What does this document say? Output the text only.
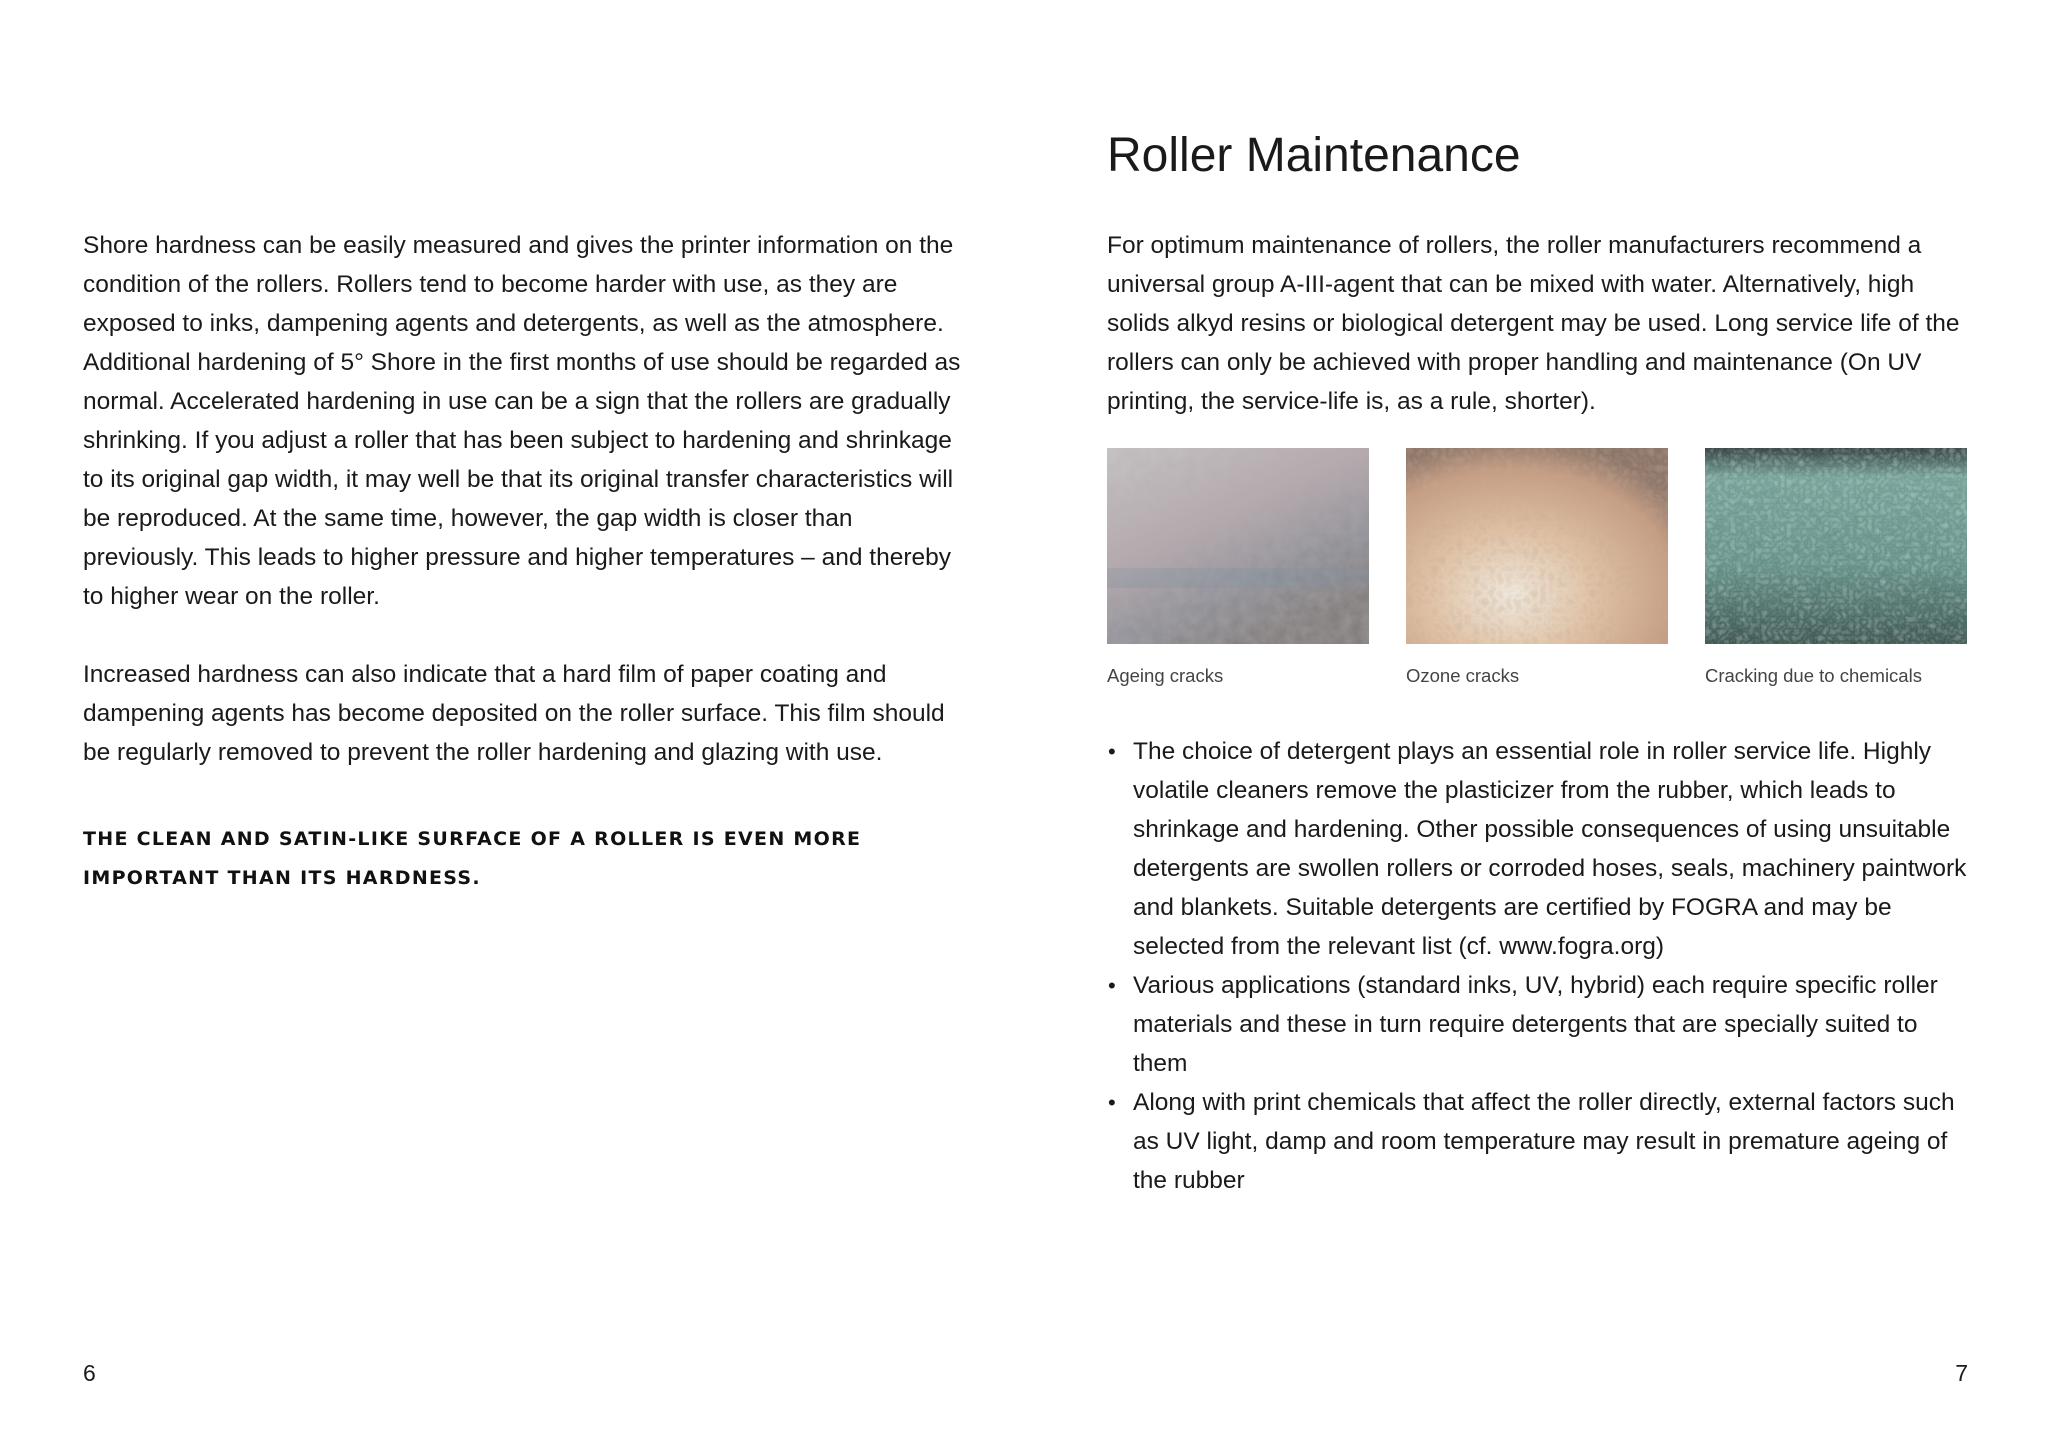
Shore hardness can be easily measured and gives the printer information on the condition of the rollers. Rollers tend to become harder with use, as they are exposed to inks, dampening agents and detergents, as well as the atmosphere. Additional hardening of 5° Shore in the first months of use should be regarded as normal. Accelerated hardening in use can be a sign that the rollers are gradually shrinking. If you adjust a roller that has been subject to hardening and shrinkage to its original gap width, it may well be that its original transfer characteristics will be reproduced. At the same time, however, the gap width is closer than previously. This leads to higher pressure and higher temperatures – and thereby to higher wear on the roller.

Increased hardness can also indicate that a hard film of paper coating and dampening agents has become deposited on the roller surface. This film should be regularly removed to prevent the roller hardening and glazing with use.

THE CLEAN AND SATIN-LIKE SURFACE OF A ROLLER IS EVEN MORE IMPORTANT THAN ITS HARDNESS.

6
Roller Maintenance

For optimum maintenance of rollers, the roller manufacturers recommend a universal group A-III-agent that can be mixed with water. Alternatively, high solids alkyd resins or biological detergent may be used. Long service life of the rollers can only be achieved with proper handling and maintenance (On UV printing, the service-life is, as a rule, shorter).

Ageing cracks	Ozone cracks	Cracking due to chemicals
• The choice of detergent plays an essential role in roller service life. Highly volatile cleaners remove the plasticizer from the rubber, which leads to shrinkage and hardening. Other possible consequences of using unsuitable detergents are swollen rollers or corroded hoses, seals, machinery paintwork and blankets. Suitable detergents are certified by FOGRA and may be selected from the relevant list (cf. www.fogra.org)
• Various applications (standard inks, UV, hybrid) each require specific roller materials and these in turn require detergents that are specially suited to them
• Along with print chemicals that affect the roller directly, external factors such as UV light, damp and room temperature may result in premature ageing of the rubber
7
